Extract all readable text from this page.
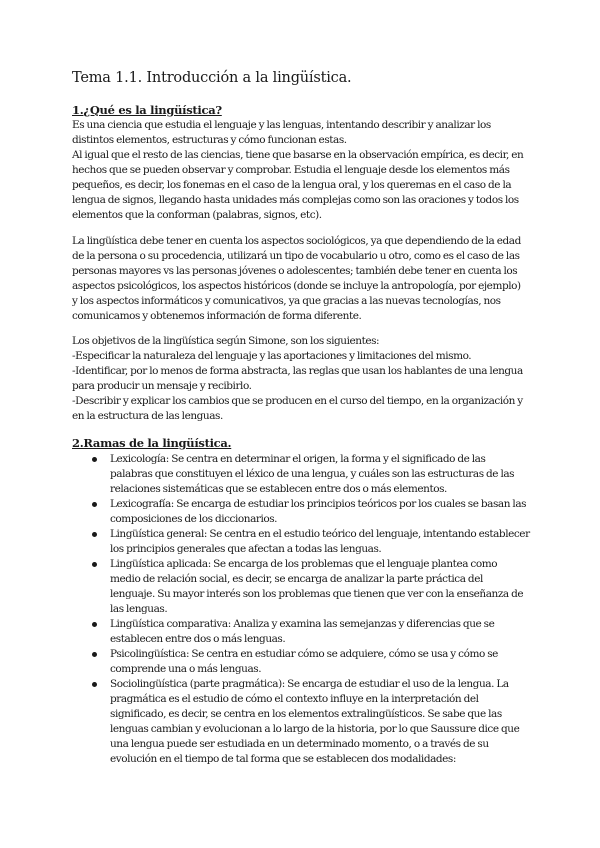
Tema 1.1. Introducción a la lingüística.
1.¿Qué es la lingüística?
Es una ciencia que estudia el lenguaje y las lenguas, intentando describir y analizar los
distintos elementos, estructuras y cómo funcionan estas.
Al igual que el resto de las ciencias, tiene que basarse en la observación empírica, es decir, en
hechos que se pueden observar y comprobar. Estudia el lenguaje desde los elementos más
pequeños, es decir, los fonemas en el caso de la lengua oral, y los queremas en el caso de la
lengua de signos, llegando hasta unidades más complejas como son las oraciones y todos los
elementos que la conforman (palabras, signos, etc).
La lingüística debe tener en cuenta los aspectos sociológicos, ya que dependiendo de la edad
de la persona o su procedencia, utilizará un tipo de vocabulario u otro, como es el caso de las
personas mayores vs las personas jóvenes o adolescentes; también debe tener en cuenta los
aspectos psicológicos, los aspectos históricos (donde se incluye la antropología, por ejemplo)
y los aspectos informáticos y comunicativos, ya que gracias a las nuevas tecnologías, nos
comunicamos y obtenemos información de forma diferente.
Los objetivos de la lingüística según Simone, son los siguientes:
-Especificar la naturaleza del lenguaje y las aportaciones y limitaciones del mismo.
-Identificar, por lo menos de forma abstracta, las reglas que usan los hablantes de una lengua
para producir un mensaje y recibirlo.
-Describir y explicar los cambios que se producen en el curso del tiempo, en la organización y
en la estructura de las lenguas.
2.Ramas de la lingüística.
Lexicología: Se centra en determinar el origen, la forma y el significado de las
palabras que constituyen el léxico de una lengua, y cuáles son las estructuras de las
relaciones sistemáticas que se establecen entre dos o más elementos.
Lexicografía: Se encarga de estudiar los principios teóricos por los cuales se basan las
composiciones de los diccionarios.
Lingüística general: Se centra en el estudio teórico del lenguaje, intentando establecer
los principios generales que afectan a todas las lenguas.
Lingüística aplicada: Se encarga de los problemas que el lenguaje plantea como
medio de relación social, es decir, se encarga de analizar la parte práctica del
lenguaje. Su mayor interés son los problemas que tienen que ver con la enseñanza de
las lenguas.
Lingüística comparativa: Analiza y examina las semejanzas y diferencias que se
establecen entre dos o más lenguas.
Psicolingüística: Se centra en estudiar cómo se adquiere, cómo se usa y cómo se
comprende una o más lenguas.
Sociolingüística (parte pragmática): Se encarga de estudiar el uso de la lengua. La
pragmática es el estudio de cómo el contexto influye en la interpretación del
significado, es decir, se centra en los elementos extralingüísticos. Se sabe que las
lenguas cambian y evolucionan a lo largo de la historia, por lo que Saussure dice que
una lengua puede ser estudiada en un determinado momento, o a través de su
evolución en el tiempo de tal forma que se establecen dos modalidades:
